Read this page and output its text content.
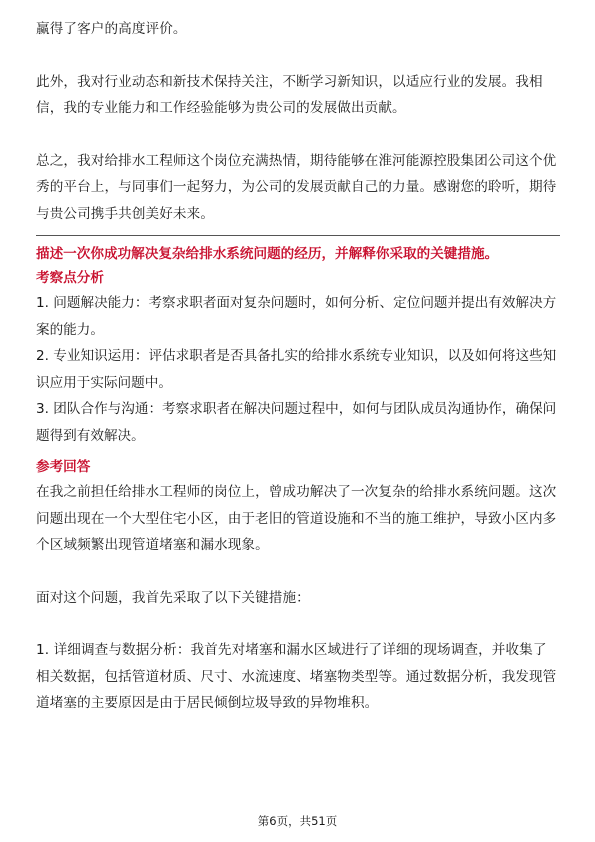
赢得了客户的高度评价。

此外，我对行业动态和新技术保持关注，不断学习新知识，以适应行业的发展。我相信，我的专业能力和工作经验能够为贵公司的发展做出贡献。

总之，我对给排水工程师这个岗位充满热情，期待能够在淮河能源控股集团公司这个优秀的平台上，与同事们一起努力，为公司的发展贡献自己的力量。感谢您的聆听，期待与贵公司携手共创美好未来。

描述一次你成功解决复杂给排水系统问题的经历，并解释你采取的关键措施。

考察点分析

1. 问题解决能力：考察求职者面对复杂问题时，如何分析、定位问题并提出有效解决方案的能力。

2. 专业知识运用：评估求职者是否具备扎实的给排水系统专业知识，以及如何将这些知识应用于实际问题中。

3. 团队合作与沟通：考察求职者在解决问题过程中，如何与团队成员沟通协作，确保问题得到有效解决。

参考回答

在我之前担任给排水工程师的岗位上，曾成功解决了一次复杂的给排水系统问题。这次问题出现在一个大型住宅小区，由于老旧的管道设施和不当的施工维护，导致小区内多个区域频繁出现管道堵塞和漏水现象。

面对这个问题，我首先采取了以下关键措施：

1. 详细调查与数据分析：我首先对堵塞和漏水区域进行了详细的现场调查，并收集了相关数据，包括管道材质、尺寸、水流速度、堵塞物类型等。通过数据分析，我发现管道堵塞的主要原因是由于居民倾倒垃圾导致的异物堆积。

第6页，共51页
